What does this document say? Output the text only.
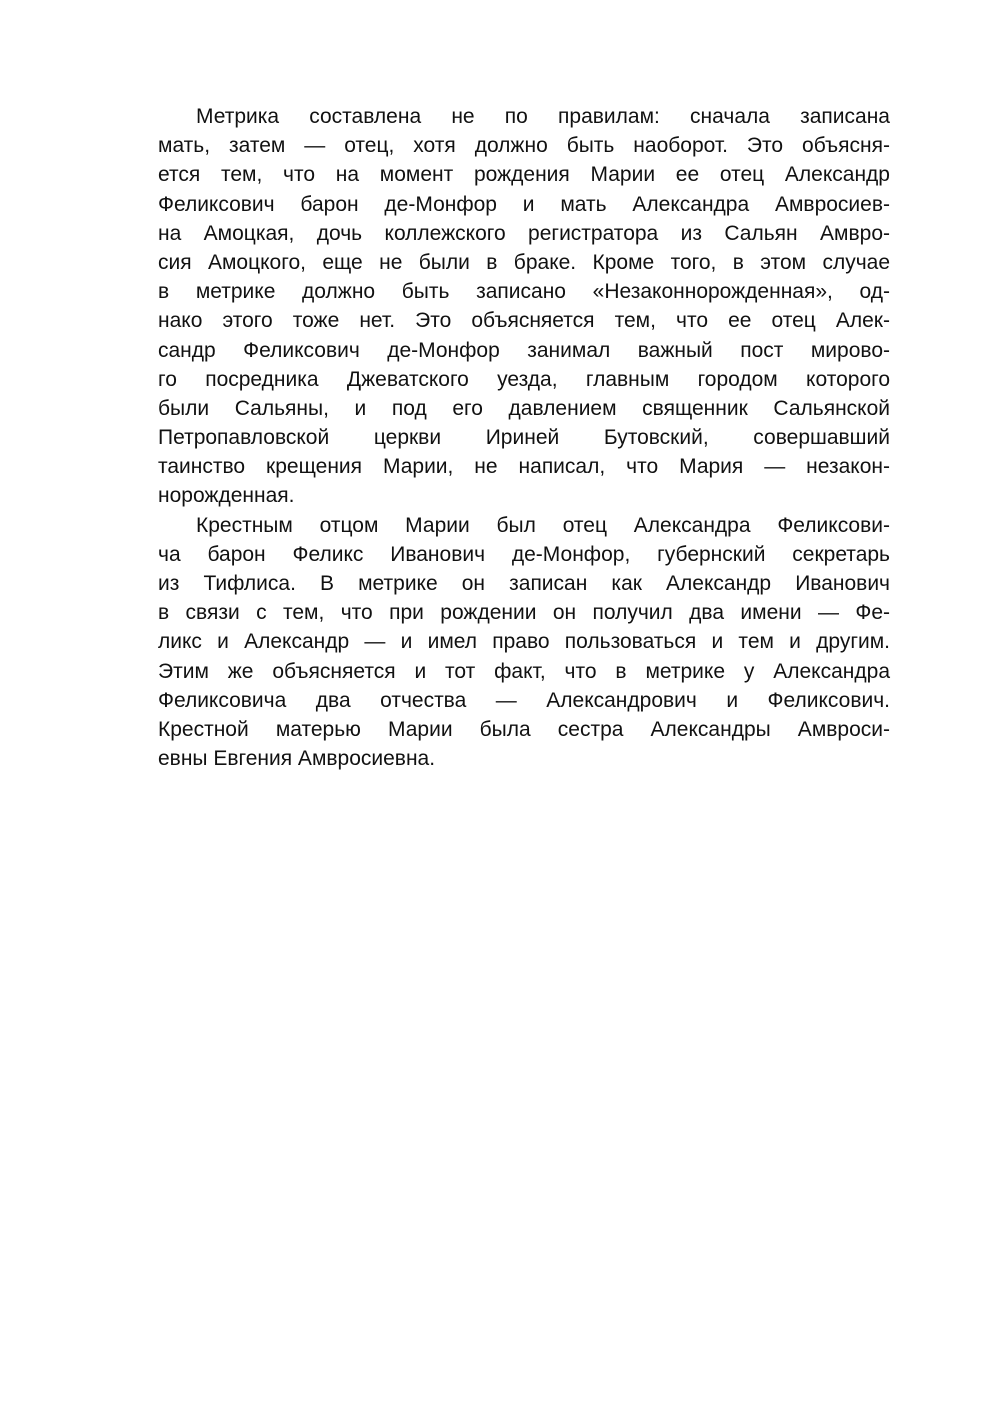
Метрика составлена не по правилам: сначала записана
мать, затем — отец, хотя должно быть наоборот. Это объясня-
ется тем, что на момент рождения Марии ее отец Александр
Феликсович барон де-Монфор и мать Александра Амвросиев-
на Амоцкая, дочь коллежского регистратора из Сальян Амвро-
сия Амоцкого, еще не были в браке. Кроме того, в этом случае
в метрике должно быть записано «Незаконнорожденная», од-
нако этого тоже нет. Это объясняется тем, что ее отец Алек-
сандр Феликсович де-Монфор занимал важный пост мирово-
го посредника Джеватского уезда, главным городом которого
были Сальяны, и под его давлением священник Сальянской
Петропавловской церкви Ириней Бутовский, совершавший
таинство крещения Марии, не написал, что Мария — незакон-
норожденная.
Крестным отцом Марии был отец Александра Феликсови-
ча барон Феликс Иванович де-Монфор, губернский секретарь
из Тифлиса. В метрике он записан как Александр Иванович
в связи с тем, что при рождении он получил два имени — Фе-
ликс и Александр — и имел право пользоваться и тем и другим.
Этим же объясняется и тот факт, что в метрике у Александра
Феликсовича два отчества — Александрович и Феликсович.
Крестной матерью Марии была сестра Александры Амвроси-
евны Евгения Амвросиевна.
